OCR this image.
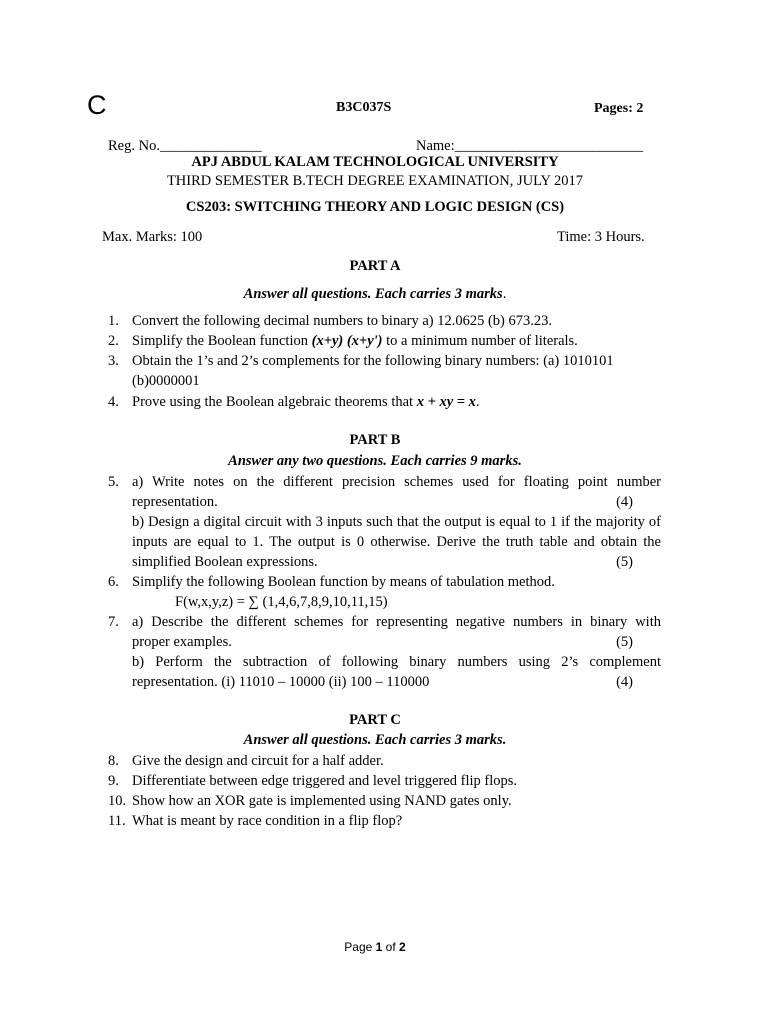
C	B3C037S	Pages: 2
Reg. No.______________	Name:__________________________
APJ ABDUL KALAM TECHNOLOGICAL UNIVERSITY
THIRD SEMESTER B.TECH DEGREE EXAMINATION, JULY 2017
CS203: SWITCHING THEORY AND LOGIC DESIGN (CS)
Max. Marks: 100	Time: 3 Hours.
PART A
Answer all questions. Each carries 3 marks.
1. Convert the following decimal numbers to binary a) 12.0625 (b) 673.23.
2. Simplify the Boolean function (x+y) (x+y') to a minimum number of literals.
3. Obtain the 1’s and 2’s complements for the following binary numbers: (a) 1010101
(b)0000001
4. Prove using the Boolean algebraic theorems that x + xy = x.
PART B
Answer any two questions. Each carries 9 marks.
5. a) Write notes on the different precision schemes used for floating point number
representation.	(4)
b) Design a digital circuit with 3 inputs such that the output is equal to 1 if the majority of
inputs are equal to 1. The output is 0 otherwise. Derive the truth table and obtain the
simplified Boolean expressions.	(5)
6. Simplify the following Boolean function by means of tabulation method.
F(w,x,y,z) = ∑ (1,4,6,7,8,9,10,11,15)
7. a) Describe the different schemes for representing negative numbers in binary with
proper examples.	(5)
b) Perform the subtraction of following binary numbers using 2’s complement
representation. (i) 11010 – 10000 (ii) 100 – 110000	(4)
PART C
Answer all questions. Each carries 3 marks.
8. Give the design and circuit for a half adder.
9. Differentiate between edge triggered and level triggered flip flops.
10. Show how an XOR gate is implemented using NAND gates only.
11. What is meant by race condition in a flip flop?
Page 1 of 2
